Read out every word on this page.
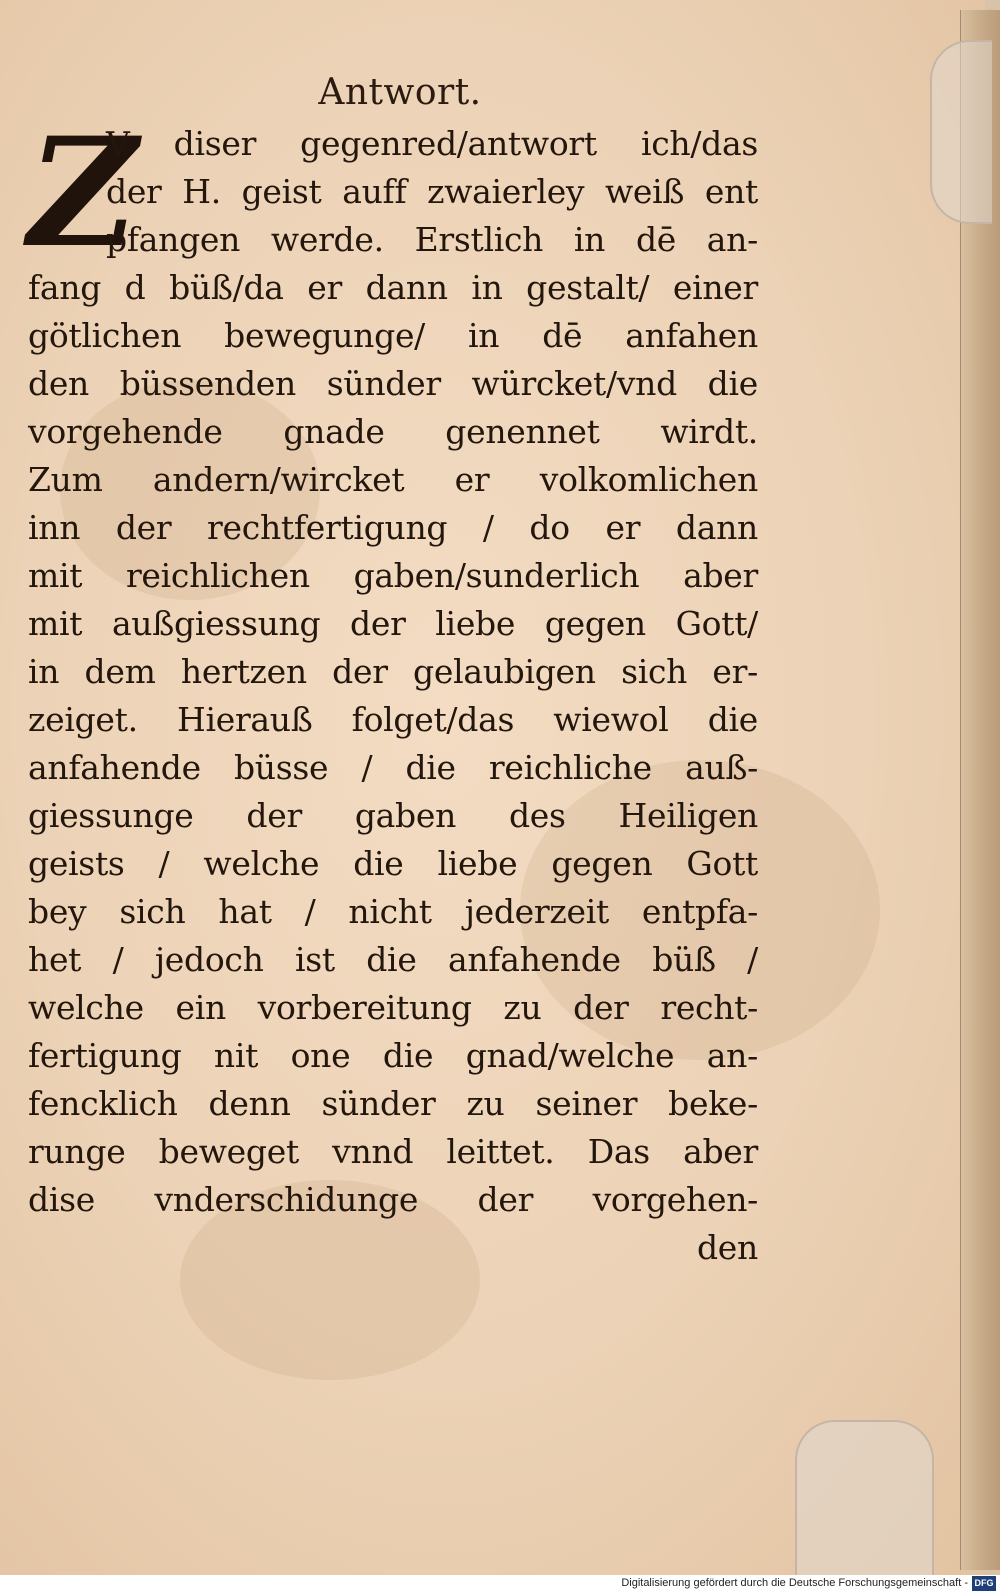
Antwort.
Z
V diser gegenred/antwort ich/das
der H. geist auff zwaierley weiß ent
pfangen werde. Erstlich in dē an-
fang d büß/da er dann in gestalt/ einer
götlichen bewegunge/ in dē anfahen
den büssenden sünder würcket/vnd die
vorgehende gnade genennet wirdt.
Zum andern/wircket er volkomlichen
inn der rechtfertigung / do er dann
mit reichlichen gaben/sunderlich aber
mit außgiessung der liebe gegen Gott/
in dem hertzen der gelaubigen sich er-
zeiget. Hierauß folget/das wiewol die
anfahende büsse / die reichliche auß-
giessunge der gaben des Heiligen
geists / welche die liebe gegen Gott
bey sich hat / nicht jederzeit entpfa-
het / jedoch ist die anfahende büß /
welche ein vorbereitung zu der recht-
fertigung nit one die gnad/welche an-
fencklich denn sünder zu seiner beke-
runge beweget vnnd leittet. Das aber
dise vnderschidunge der vorgehen-
den
Digitalisierung gefördert durch die Deutsche Forschungsgemeinschaft - DFG
